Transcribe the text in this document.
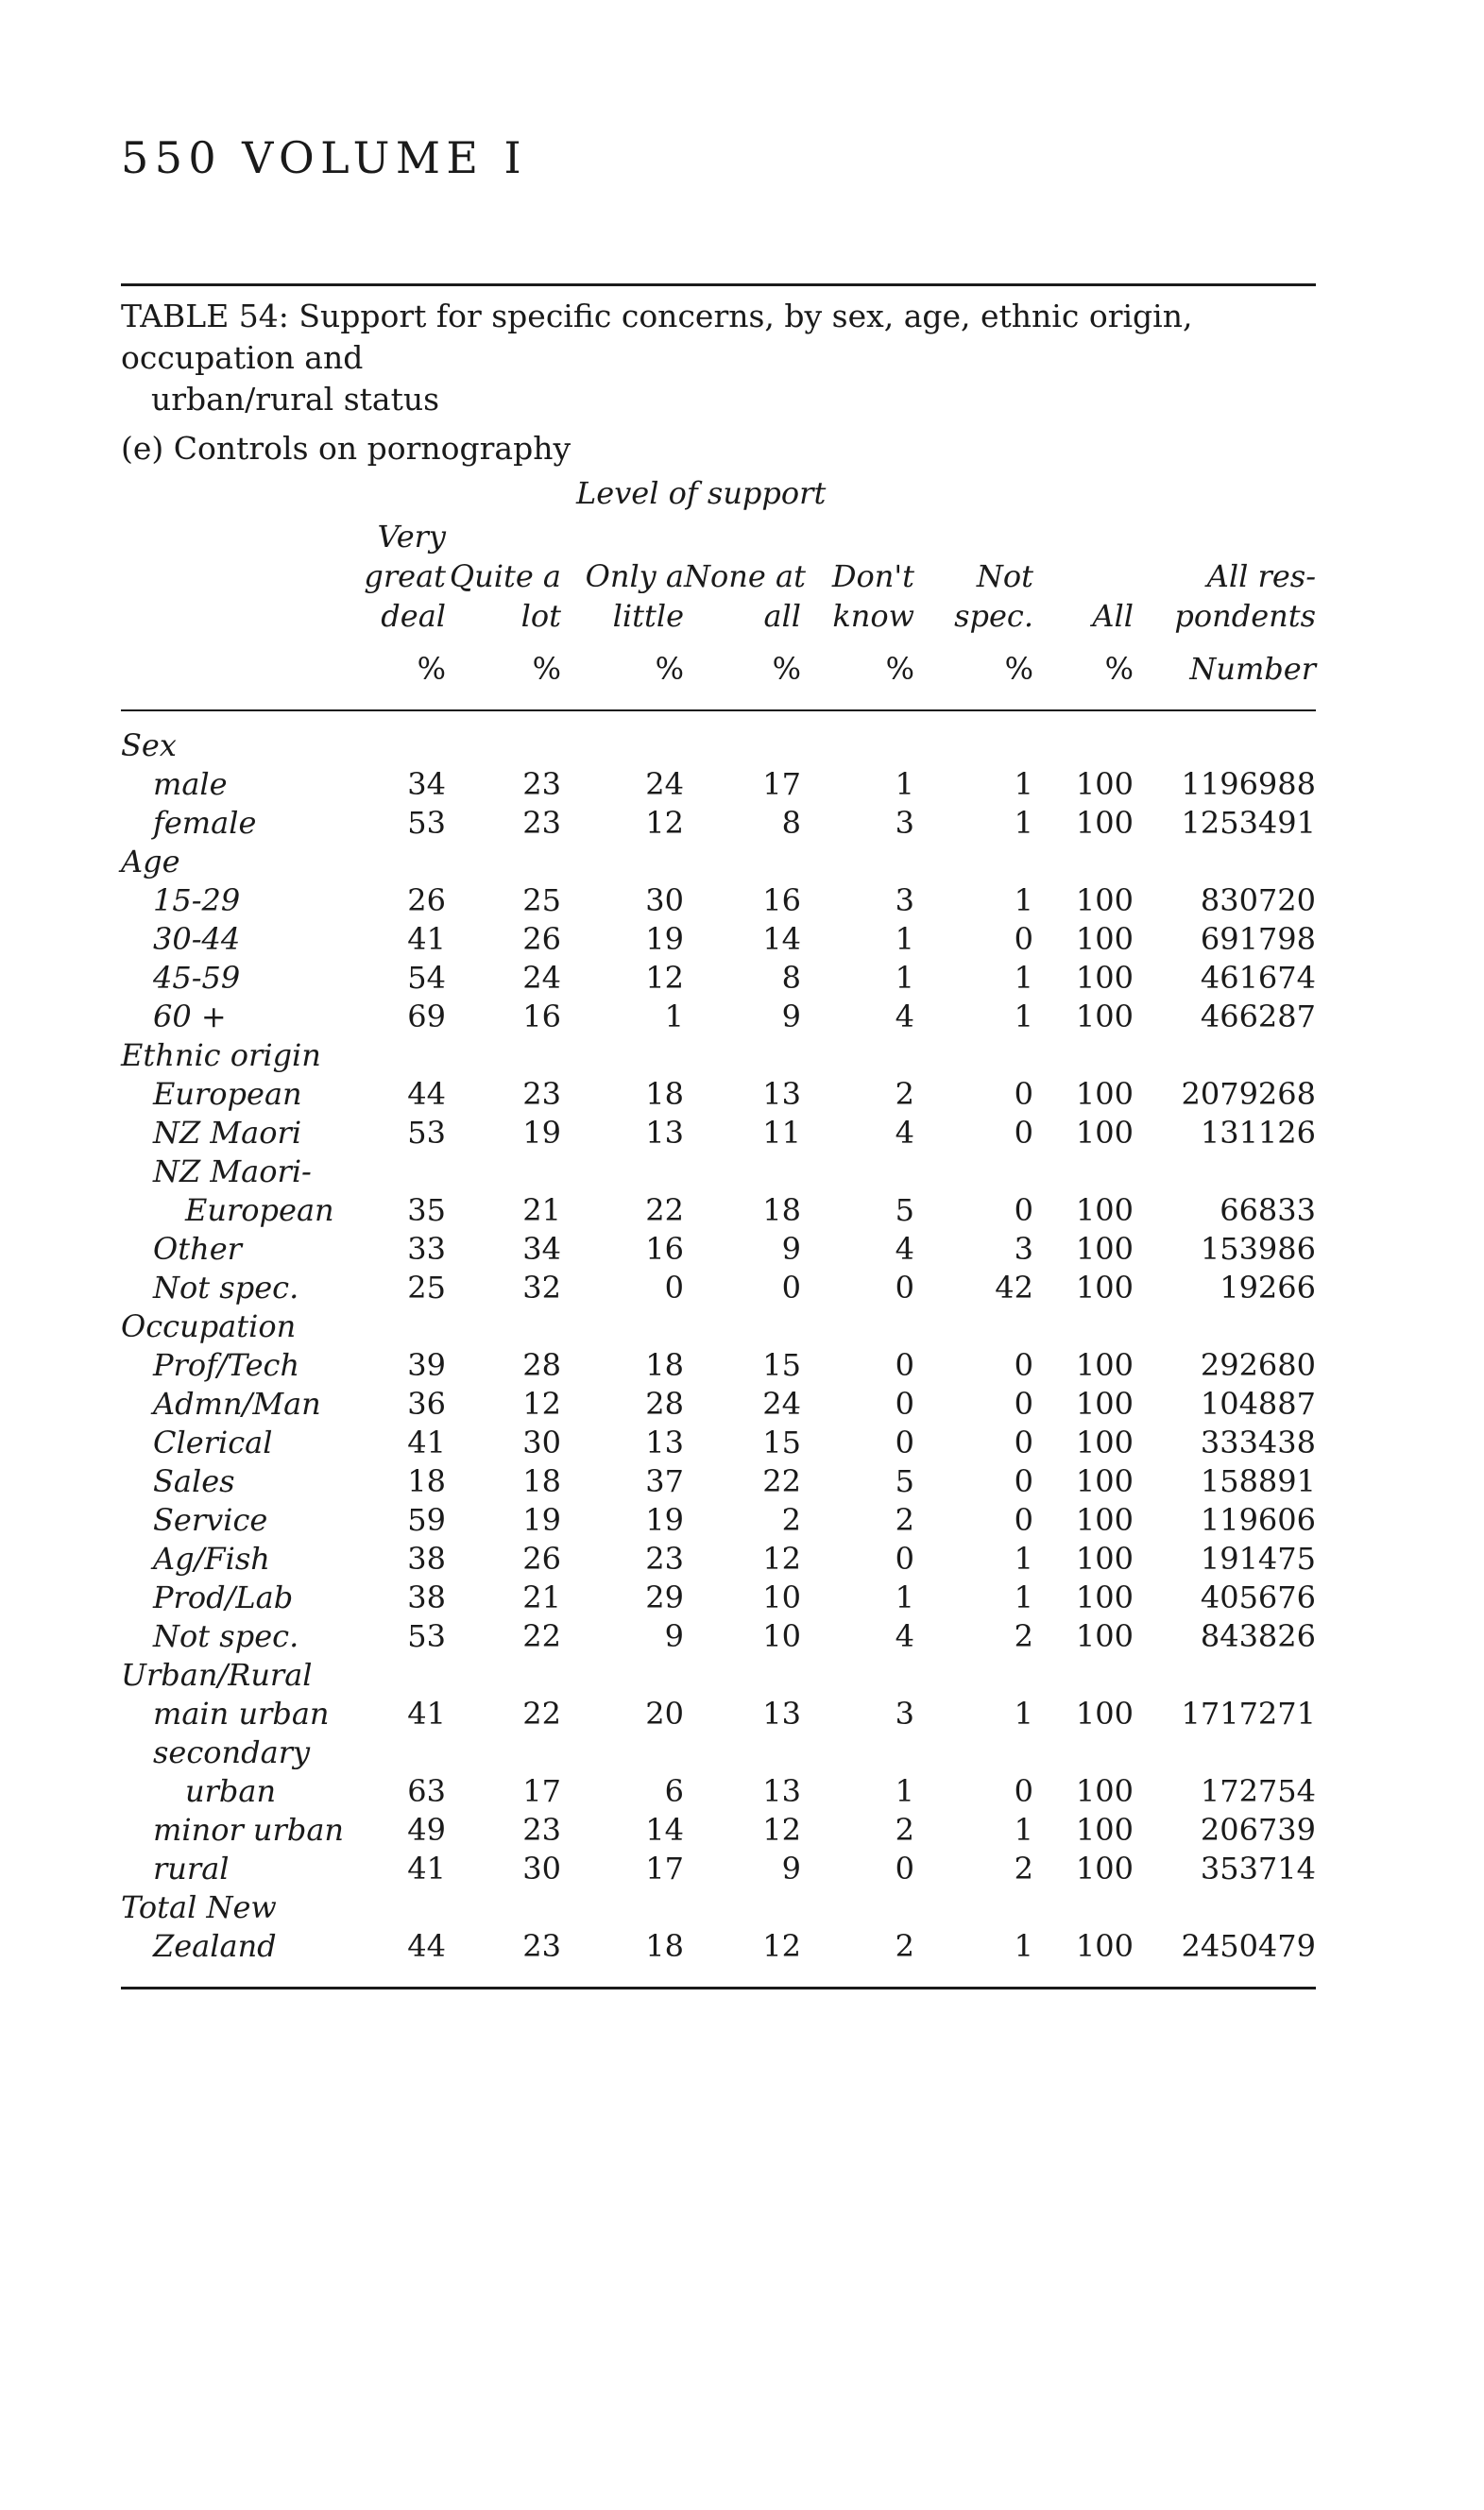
550 VOLUME I
TABLE 54: Support for specific concerns, by sex, age, ethnic origin, occupation and
urban/rural status
(e) Controls on pornography
Level of support								
	Very							
	great	Quite a	Only a	None at	Don't	Not		All res-
	deal	lot	little	all	know	spec.	All	pondents
	%	%	%	%	%	%	%	Number

Sex								
male	34	23	24	17	1	1	100	1196988
female	53	23	12	8	3	1	100	1253491
Age								
15-29	26	25	30	16	3	1	100	830720
30-44	41	26	19	14	1	0	100	691798
45-59	54	24	12	8	1	1	100	461674
60 +	69	16	1	9	4	1	100	466287
Ethnic origin								
European	44	23	18	13	2	0	100	2079268
NZ Maori	53	19	13	11	4	0	100	131126
NZ Maori-								
European	35	21	22	18	5	0	100	66833
Other	33	34	16	9	4	3	100	153986
Not spec.	25	32	0	0	0	42	100	19266
Occupation								
Prof/Tech	39	28	18	15	0	0	100	292680
Admn/Man	36	12	28	24	0	0	100	104887
Clerical	41	30	13	15	0	0	100	333438
Sales	18	18	37	22	5	0	100	158891
Service	59	19	19	2	2	0	100	119606
Ag/Fish	38	26	23	12	0	1	100	191475
Prod/Lab	38	21	29	10	1	1	100	405676
Not spec.	53	22	9	10	4	2	100	843826
Urban/Rural								
main urban	41	22	20	13	3	1	100	1717271
secondary								
urban	63	17	6	13	1	0	100	172754
minor urban	49	23	14	12	2	1	100	206739
rural	41	30	17	9	0	2	100	353714
Total New								
Zealand	44	23	18	12	2	1	100	2450479
